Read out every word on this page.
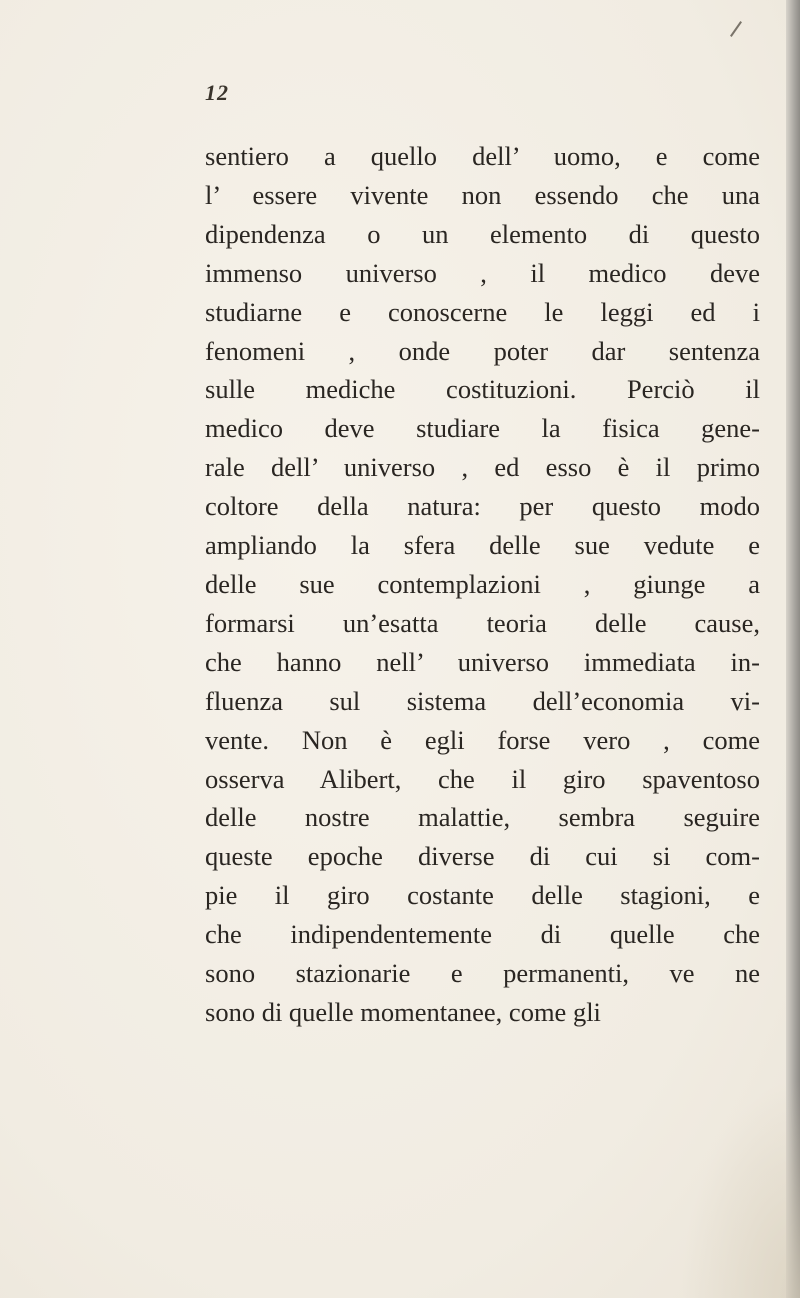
12
sentiero a quello dell’ uomo, e come
l’ essere vivente non essendo che una
dipendenza o un elemento di questo
immenso universo , il medico deve
studiarne e conoscerne le leggi ed i
fenomeni , onde poter dar sentenza
sulle mediche costituzioni. Perciò il
medico deve studiare la fisica gene-
rale dell’ universo , ed esso è il primo
coltore della natura: per questo modo
ampliando la sfera delle sue vedute e
delle sue contemplazioni , giunge a
formarsi un’esatta teoria delle cause,
che hanno nell’ universo immediata in-
fluenza sul sistema dell’economia vi-
vente. Non è egli forse vero , come
osserva Alibert, che il giro spaventoso
delle nostre malattie, sembra seguire
queste epoche diverse di cui si com-
pie il giro costante delle stagioni, e
che indipendentemente di quelle che
sono stazionarie e permanenti, ve ne
sono di quelle momentanee, come gli
